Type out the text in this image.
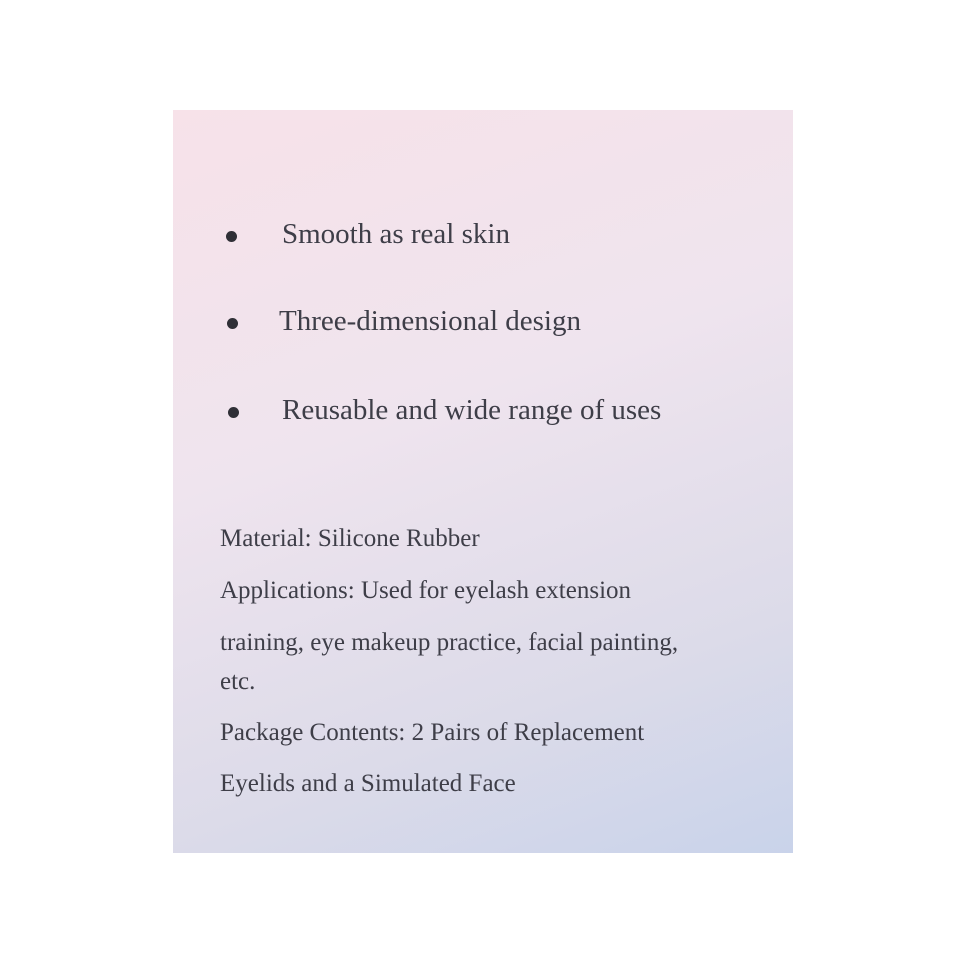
Smooth as real skin
Three-dimensional design
Reusable and wide range of uses
Material: Silicone Rubber
Applications: Used for eyelash extension
training, eye makeup practice, facial painting,
etc.
Package Contents: 2 Pairs of Replacement
Eyelids and a Simulated Face
